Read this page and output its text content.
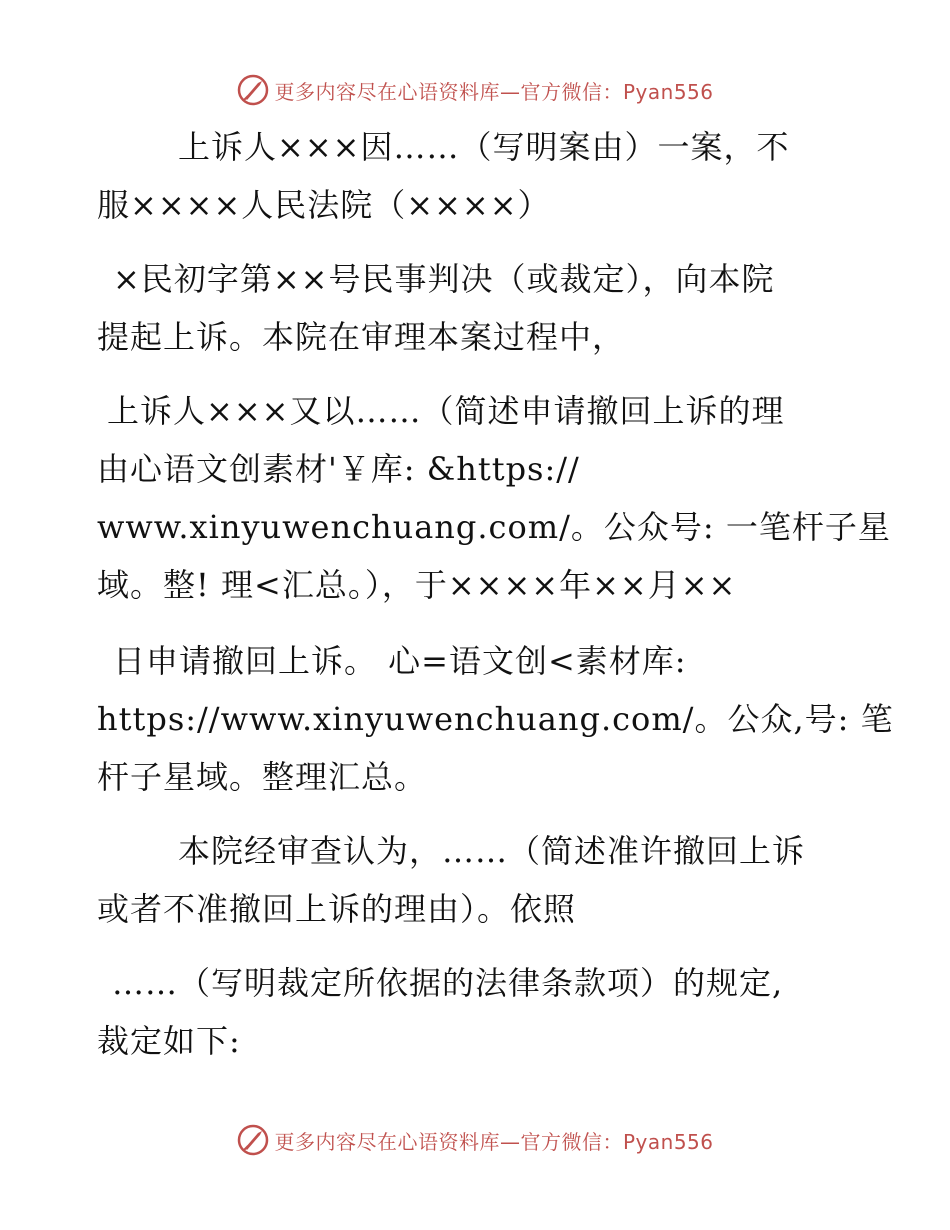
更多内容尽在心语资料库—官方微信：Pyan556
上诉人×××因……（写明案由）一案，不
服××××人民法院（××××）
×民初字第××号民事判决（或裁定），向本院
提起上诉。本院在审理本案过程中，
上诉人×××又以……（简述申请撤回上诉的理
由心语文创素材'￥库: &https://
www.xinyuwenchuang.com/。公众号: 一笔杆子星
域。整! 理<汇总。），于××××年××月××
日申请撤回上诉。 心=语文创<素材库:
https://www.xinyuwenchuang.com/。公众,号: 笔
杆子星域。整理汇总。
本院经审查认为，……（简述准许撤回上诉
或者不准撤回上诉的理由）。依照
……（写明裁定所依据的法律条款项）的规定,
裁定如下:
更多内容尽在心语资料库—官方微信：Pyan556
